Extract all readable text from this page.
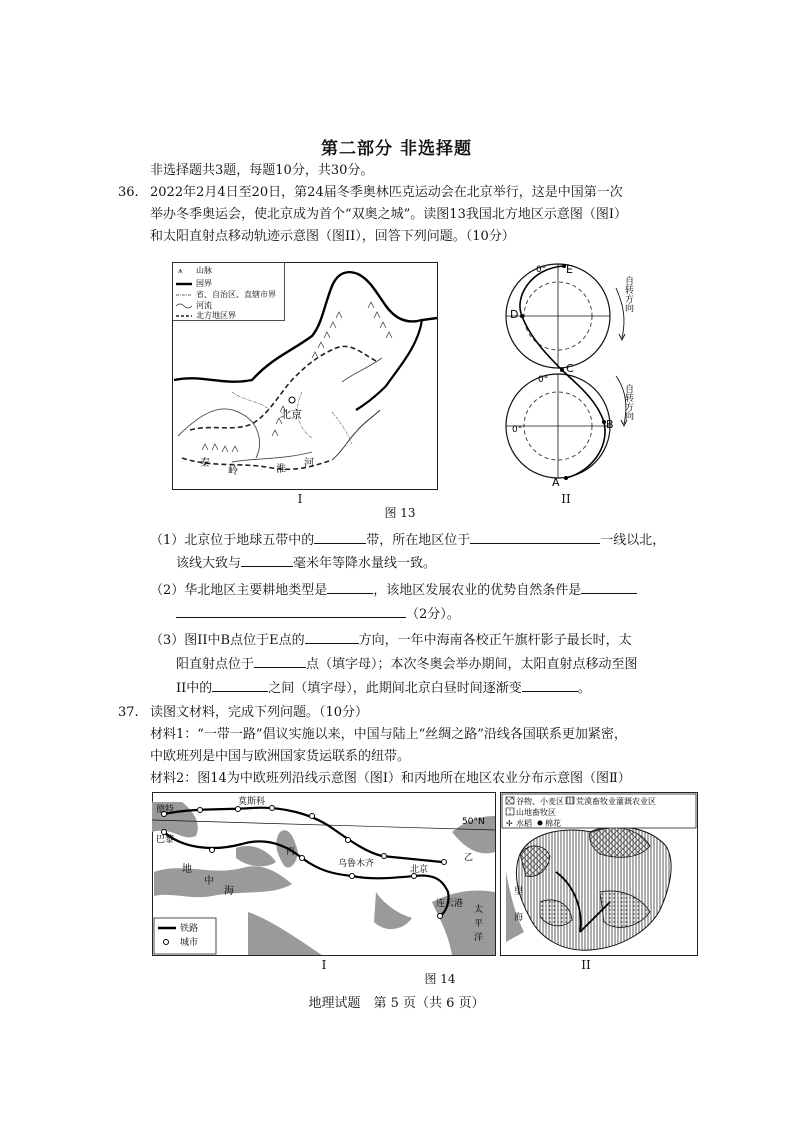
第二部分 非选择题
非选择题共3题，每题10分，共30分。
36. 2022年2月4日至20日，第24届冬季奥林匹克运动会在北京举行，这是中国第一次
举办冬季奥运会，使北京成为首个“双奥之城”。读图13我国北方地区示意图（图I）
和太阳直射点移动轨迹示意图（图II），回答下列问题。（10分）
⩚ 山脉
国界
省、自治区、直辖市界
河流
北方地区界
北京
秦
岭	淮
河
E
D
C
B
A
0°
0°
0°
自转方向
自转方向
I	II
图 13
（1）北京位于地球五带中的	带，所在地区位于	一线以北，
该线大致与	毫米年等降水量线一致。
（2）华北地区主要耕地类型是	，该地区发展农业的优势自然条件是
（2分）。
（3）图II中B点位于E点的	方向，一年中海南各校正午旗杆影子最长时，太
阳直射点位于	点（填字母）；本次冬奥会举办期间，太阳直射点移动至图
II中的	之间（填字母），此期间北京白昼时间逐渐变	。
37. 读图文材料，完成下列问题。（10分）
材料1：“一带一路”倡议实施以来，中国与陆上“丝绸之路”沿线各国联系更加紧密，
中欧班列是中国与欧洲国家货运联系的纽带。
材料2：图14为中欧班列沿线示意图（图Ⅰ）和丙地所在地区农业分布示意图（图Ⅱ）
50°N
德特
莫斯科
巴黎
地
中
海
丙
乌鲁木齐
北京
乙
连云港
太
平
洋
铁路
城市
里
海
谷物、小麦区 荒漠畜牧业灌溉农业区
山地畜牧区
✢ 水稻 棉花
I	II
图 14
地理试题　第 5 页（共 6 页）
